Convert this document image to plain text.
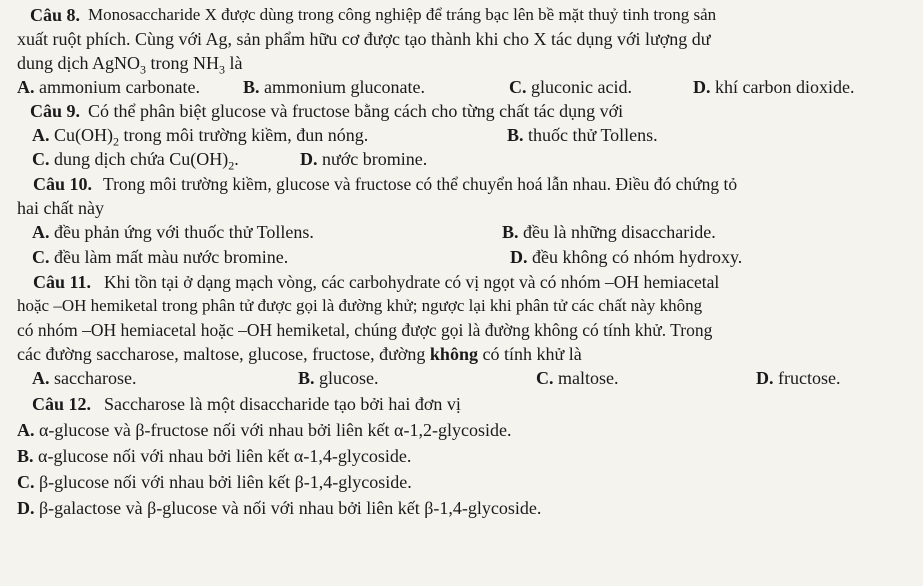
Câu 8. Monosaccharide X được dùng trong công nghiệp để tráng bạc lên bề mặt thuỷ tinh trong sản
xuất ruột phích. Cùng với Ag, sản phẩm hữu cơ được tạo thành khi cho X tác dụng với lượng dư
dung dịch AgNO$_3$ trong $NH_3$ là
A. ammonium carbonate. B. ammonium gluconate.	C. gluconic acid.	D. khí carbon dioxide.
Câu 9. Có thể phân biệt glucose và fructose bằng cách cho từng chất tác dụng với
A. $Cu(OH)_2$ trong môi trường kiềm, đun nóng.	B. thuốc thử Tollens.
C. dung dịch chứa $Cu(OH)_2$.	D. nước bromine.
Câu 10. Trong môi trường kiềm, glucose và fructose có thể chuyển hoá lẫn nhau. Điều đó chứng tỏ
hai chất này
A. đều phản ứng với thuốc thử Tollens.	B. đều là những disaccharide.
C. đều làm mất màu nước bromine.	D. đều không có nhóm hydroxy.
Câu 11. Khi tồn tại ở dạng mạch vòng, các carbohydrate có vị ngọt và có nhóm –OH hemiacetal
hoặc –OH hemiketal trong phân tử được gọi là đường khử; ngược lại khi phân tử các chất này không
có nhóm –OH hemiacetal hoặc –OH hemiketal, chúng được gọi là đường không có tính khử. Trong
các đường saccharose, maltose, glucose, fructose, đường không có tính khử là
A. saccharose.	B. glucose.	C. maltose.	D. fructose.
Câu 12. Saccharose là một disaccharide tạo bởi hai đơn vị
A. α-glucose và β-fructose nối với nhau bởi liên kết α-1,2-glycoside.
B. α-glucose nối với nhau bởi liên kết α-1,4-glycoside.
C. β-glucose nối với nhau bởi liên kết β-1,4-glycoside.
D. β-galactose và β-glucose và nối với nhau bởi liên kết β-1,4-glycoside.
